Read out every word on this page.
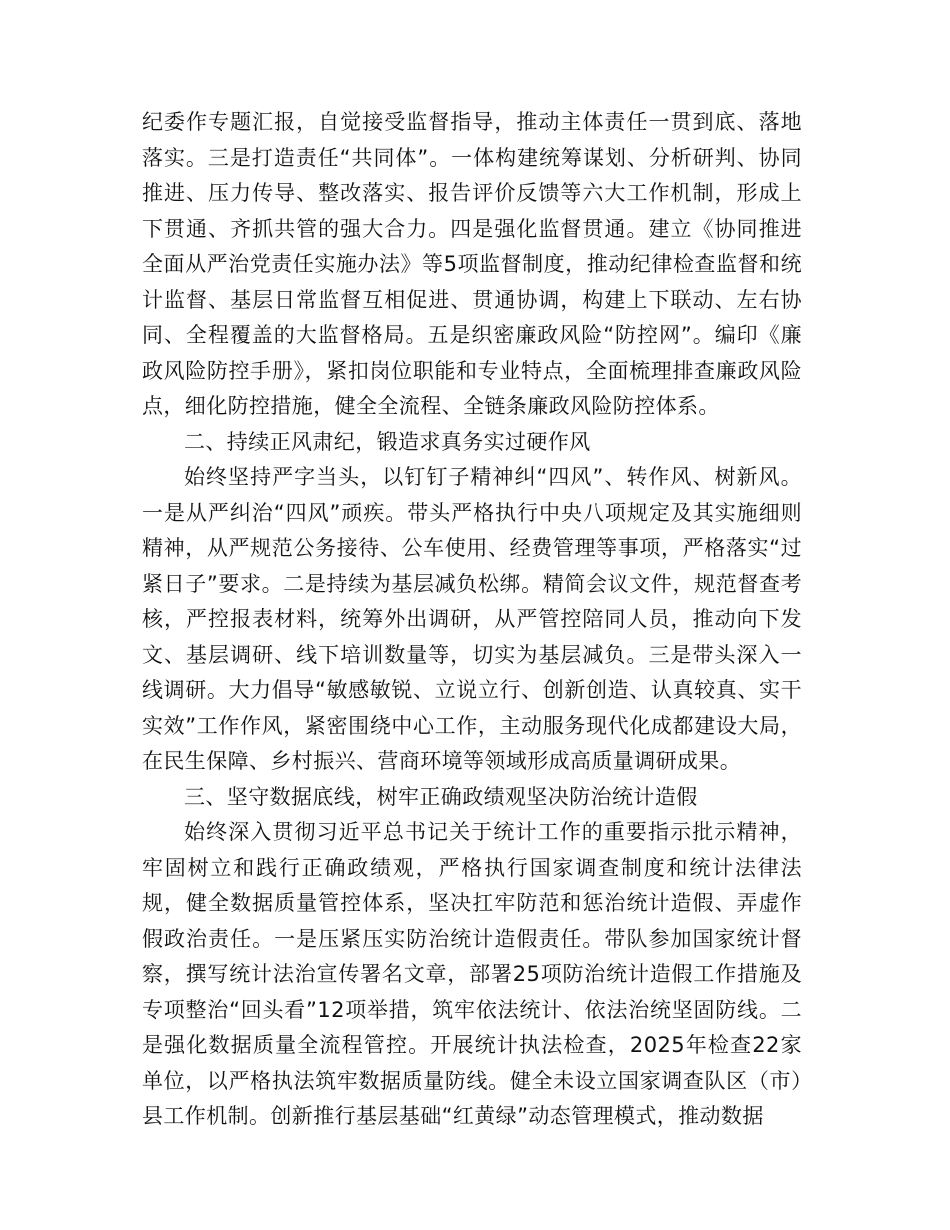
纪委作专题汇报，自觉接受监督指导，推动主体责任一贯到底、落地落实。三是打造责任“共同体”。一体构建统筹谋划、分析研判、协同推进、压力传导、整改落实、报告评价反馈等六大工作机制，形成上下贯通、齐抓共管的强大合力。四是强化监督贯通。建立《协同推进全面从严治党责任实施办法》等5项监督制度，推动纪律检查监督和统计监督、基层日常监督互相促进、贯通协调，构建上下联动、左右协同、全程覆盖的大监督格局。五是织密廉政风险“防控网”。编印《廉政风险防控手册》，紧扣岗位职能和专业特点，全面梳理排查廉政风险点，细化防控措施，健全全流程、全链条廉政风险防控体系。

二、持续正风肃纪，锻造求真务实过硬作风

始终坚持严字当头，以钉钉子精神纠“四风”、转作风、树新风。一是从严纠治“四风”顽疾。带头严格执行中央八项规定及其实施细则精神，从严规范公务接待、公车使用、经费管理等事项，严格落实“过紧日子”要求。二是持续为基层减负松绑。精简会议文件，规范督查考核，严控报表材料，统筹外出调研，从严管控陪同人员，推动向下发文、基层调研、线下培训数量等，切实为基层减负。三是带头深入一线调研。大力倡导“敏感敏锐、立说立行、创新创造、认真较真、实干实效”工作作风，紧密围绕中心工作，主动服务现代化成都建设大局，在民生保障、乡村振兴、营商环境等领域形成高质量调研成果。

三、坚守数据底线，树牢正确政绩观坚决防治统计造假

始终深入贯彻习近平总书记关于统计工作的重要指示批示精神，牢固树立和践行正确政绩观，严格执行国家调查制度和统计法律法规，健全数据质量管控体系，坚决扛牢防范和惩治统计造假、弄虚作假政治责任。一是压紧压实防治统计造假责任。带队参加国家统计督察，撰写统计法治宣传署名文章，部署25项防治统计造假工作措施及专项整治“回头看”12项举措，筑牢依法统计、依法治统坚固防线。二是强化数据质量全流程管控。开展统计执法检查，2025年检查22家单位，以严格执法筑牢数据质量防线。健全未设立国家调查队区（市）县工作机制。创新推行基层基础“红黄绿”动态管理模式，推动数据
